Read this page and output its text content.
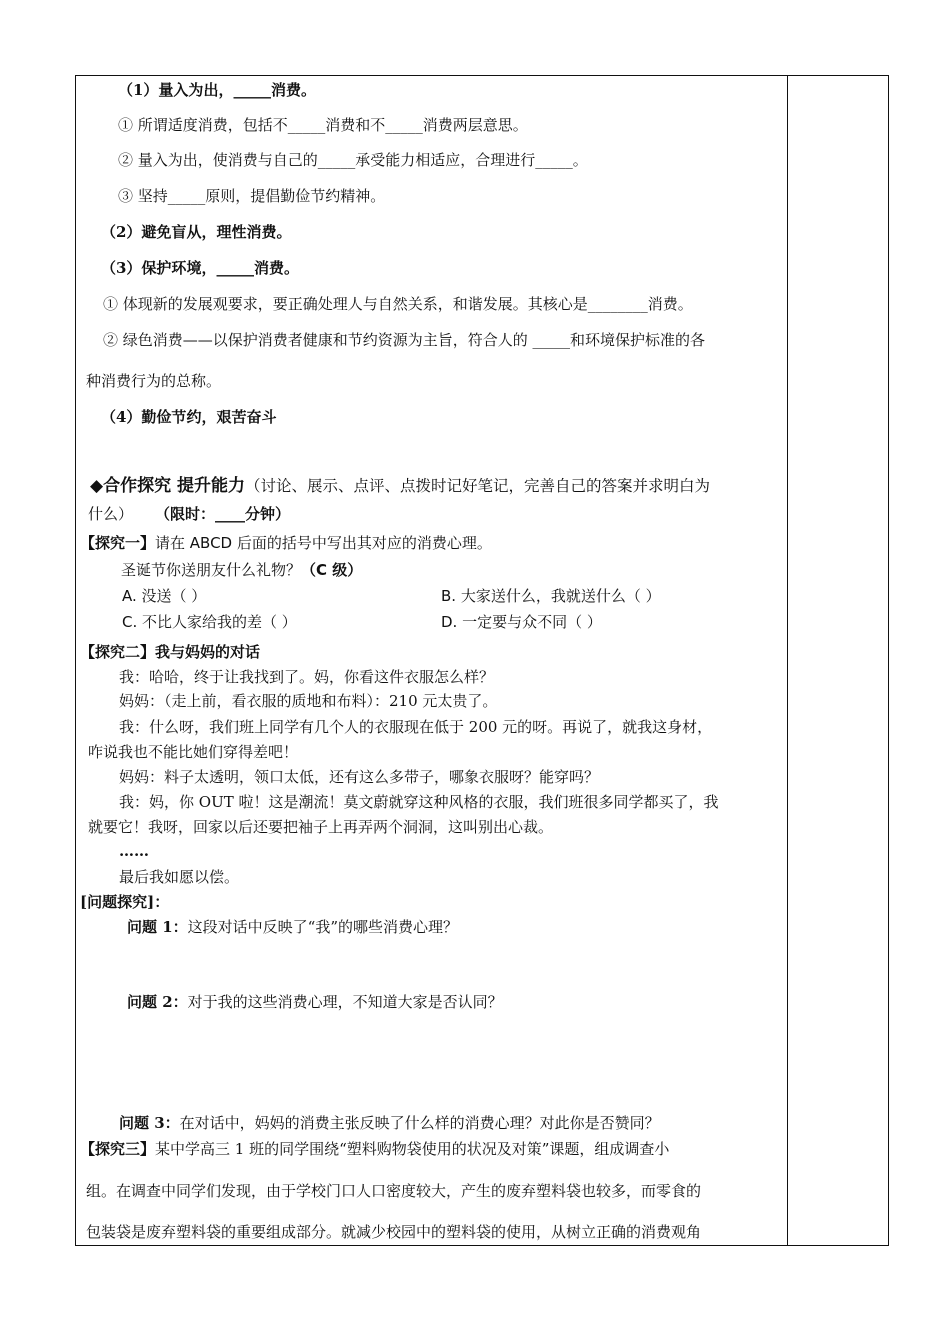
（1）量入为出，_____消费。
① 所谓适度消费，包括不_____消费和不_____消费两层意思。
② 量入为出，使消费与自己的_____承受能力相适应，合理进行_____。
③ 坚持_____原则，提倡勤俭节约精神。
（2）避免盲从，理性消费。
（3）保护环境，_____消费。
① 体现新的发展观要求，要正确处理人与自然关系，和谐发展。其核心是________消费。
② 绿色消费——以保护消费者健康和节约资源为主旨，符合人的 _____和环境保护标准的各
种消费行为的总称。
（4）勤俭节约，艰苦奋斗
◆合作探究 提升能力（讨论、展示、点评、点拨时记好笔记，完善自己的答案并求明白为
什么） （限时：____分钟）
【探究一】请在 ABCD 后面的括号中写出其对应的消费心理。
圣诞节你送朋友什么礼物？（C 级）
A. 没送（ ）	B. 大家送什么，我就送什么（ ）
C. 不比人家给我的差（ ）	D. 一定要与众不同（ ）
【探究二】我与妈妈的对话
我：哈哈，终于让我找到了。妈，你看这件衣服怎么样？
妈妈：（走上前，看衣服的质地和布料）：210 元太贵了。
我：什么呀，我们班上同学有几个人的衣服现在低于 200 元的呀。再说了，就我这身材，
咋说我也不能比她们穿得差吧！
妈妈：料子太透明，领口太低，还有这么多带子，哪象衣服呀？能穿吗？
我：妈，你 OUT 啦！这是潮流！莫文蔚就穿这种风格的衣服，我们班很多同学都买了，我
就要它！我呀，回家以后还要把袖子上再弄两个洞洞，这叫别出心裁。
……
最后我如愿以偿。
[问题探究]：
问题 1：这段对话中反映了“我”的哪些消费心理？
问题 2：对于我的这些消费心理，不知道大家是否认同？
问题 3：在对话中，妈妈的消费主张反映了什么样的消费心理？对此你是否赞同？
【探究三】某中学高三 1 班的同学围绕“塑料购物袋使用的状况及对策”课题，组成调查小
组。在调查中同学们发现，由于学校门口人口密度较大，产生的废弃塑料袋也较多，而零食的
包装袋是废弃塑料袋的重要组成部分。就减少校园中的塑料袋的使用，从树立正确的消费观角
